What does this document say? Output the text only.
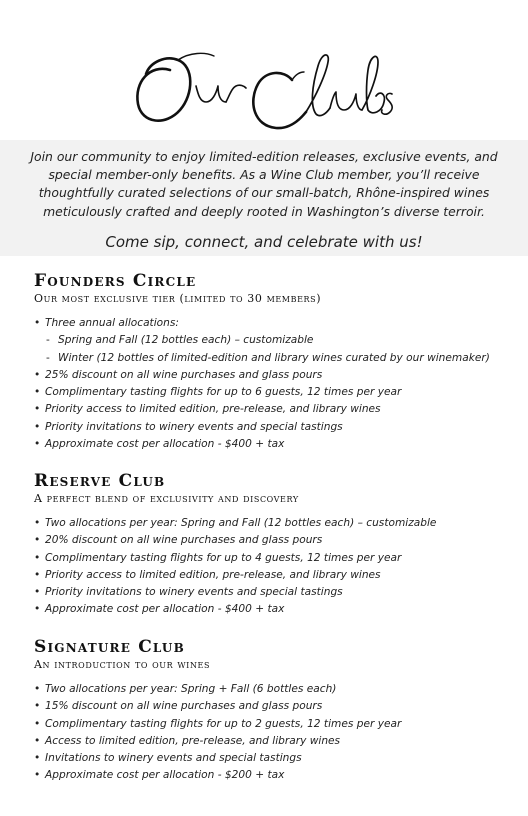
Join our community to enjoy limited-edition releases, exclusive events, and special member-only benefits. As a Wine Club member, you’ll receive thoughtfully curated selections of our small-batch, Rhône-inspired wines meticulously crafted and deeply rooted in Washington’s diverse terroir.

Come sip, connect, and celebrate with us!

Founders Circle
Our most exclusive tier (limited to 30 members)
• Three annual allocations:
- Spring and Fall (12 bottles each) – customizable
- Winter (12 bottles of limited-edition and library wines curated by our winemaker)
• 25% discount on all wine purchases and glass pours
• Complimentary tasting flights for up to 6 guests, 12 times per year
• Priority access to limited edition, pre-release, and library wines
• Priority invitations to winery events and special tastings
• Approximate cost per allocation - $400 + tax
Reserve Club
A perfect blend of exclusivity and discovery
• Two allocations per year: Spring and Fall (12 bottles each) – customizable
• 20% discount on all wine purchases and glass pours
• Complimentary tasting flights for up to 4 guests, 12 times per year
• Priority access to limited edition, pre-release, and library wines
• Priority invitations to winery events and special tastings
• Approximate cost per allocation - $400 + tax
Signature Club
An introduction to our wines
• Two allocations per year: Spring + Fall (6 bottles each)
• 15% discount on all wine purchases and glass pours
• Complimentary tasting flights for up to 2 guests, 12 times per year
• Access to limited edition, pre-release, and library wines
• Invitations to winery events and special tastings
• Approximate cost per allocation - $200 + tax
